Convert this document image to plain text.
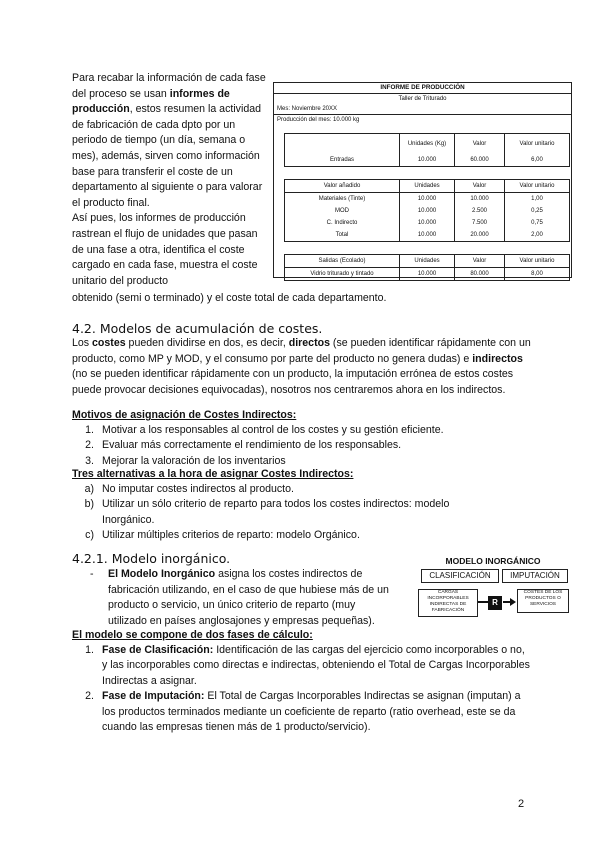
Para recabar la información de cada fase del proceso se usan informes de producción, estos resumen la actividad de fabricación de cada dpto por un periodo de tiempo (un día, semana o mes), además, sirven como información base para transferir el coste de un departamento al siguiente o para valorar el producto final.
Así pues, los informes de producción rastrean el flujo de unidades que pasan de una fase a otra, identifica el coste cargado en cada fase, muestra el coste unitario del producto
obtenido (semi o terminado) y el coste total de cada departamento.
INFORME DE PRODUCCIÓN
Taller de Triturado
Mes: Noviembre 20XX
Producción del mes: 10.000 kg
	Unidades (Kg)	Valor	Valor unitario
Entradas	10.000	60.000	6,00

Valor añadido	Unidades	Valor	Valor unitario
Materiales (Tinte)	10.000	10.000	1,00
MOD	10.000	2.500	0,25
C. Indirecto	10.000	7.500	0,75
Total	10.000	20.000	2,00

Salidas (Ecolado)	Unidades	Valor	Valor unitario
Vidrio triturado y tintado	10.000	80.000	8,00
4.2. Modelos de acumulación de costes.
Los costes pueden dividirse en dos, es decir, directos (se pueden identificar rápidamente con un producto, como MP y MOD, y el consumo por parte del producto no genera dudas) e indirectos (no se pueden identificar rápidamente con un producto, la imputación errónea de estos costes puede provocar decisiones equivocadas), nosotros nos centraremos ahora en los indirectos.
Motivos de asignación de Costes Indirectos:
1. Motivar a los responsables al control de los costes y su gestión eficiente.
2. Evaluar más correctamente el rendimiento de los responsables.
3. Mejorar la valoración de los inventarios
Tres alternativas a la hora de asignar Costes Indirectos:
a) No imputar costes indirectos al producto.
b) Utilizar un sólo criterio de reparto para todos los costes indirectos: modelo Inorgánico.
c) Utilizar múltiples criterios de reparto: modelo Orgánico.
4.2.1. Modelo inorgánico.
-	El Modelo Inorgánico asigna los costes indirectos de fabricación utilizando, en el caso de que hubiese más de un producto o servicio, un único criterio de reparto (muy utilizado en países anglosajones y empresas pequeñas).
MODELO INORGÁNICO
CLASIFICACIÓN	IMPUTACIÓN
CARGAS INCORPORABLES INDIRECTAS DE FABRICACIÓN
R
COSTES DE LOS PRODUCTOS O SERVICIOS
El modelo se compone de dos fases de cálculo:
1. Fase de Clasificación: Identificación de las cargas del ejercicio como incorporables o no, y las incorporables como directas e indirectas, obteniendo el Total de Cargas Incorporables Indirectas a asignar.
2. Fase de Imputación: El Total de Cargas Incorporables Indirectas se asignan (imputan) a los productos terminados mediante un coeficiente de reparto (ratio overhead, este se da cuando las empresas tienen más de 1 producto/servicio).
2
